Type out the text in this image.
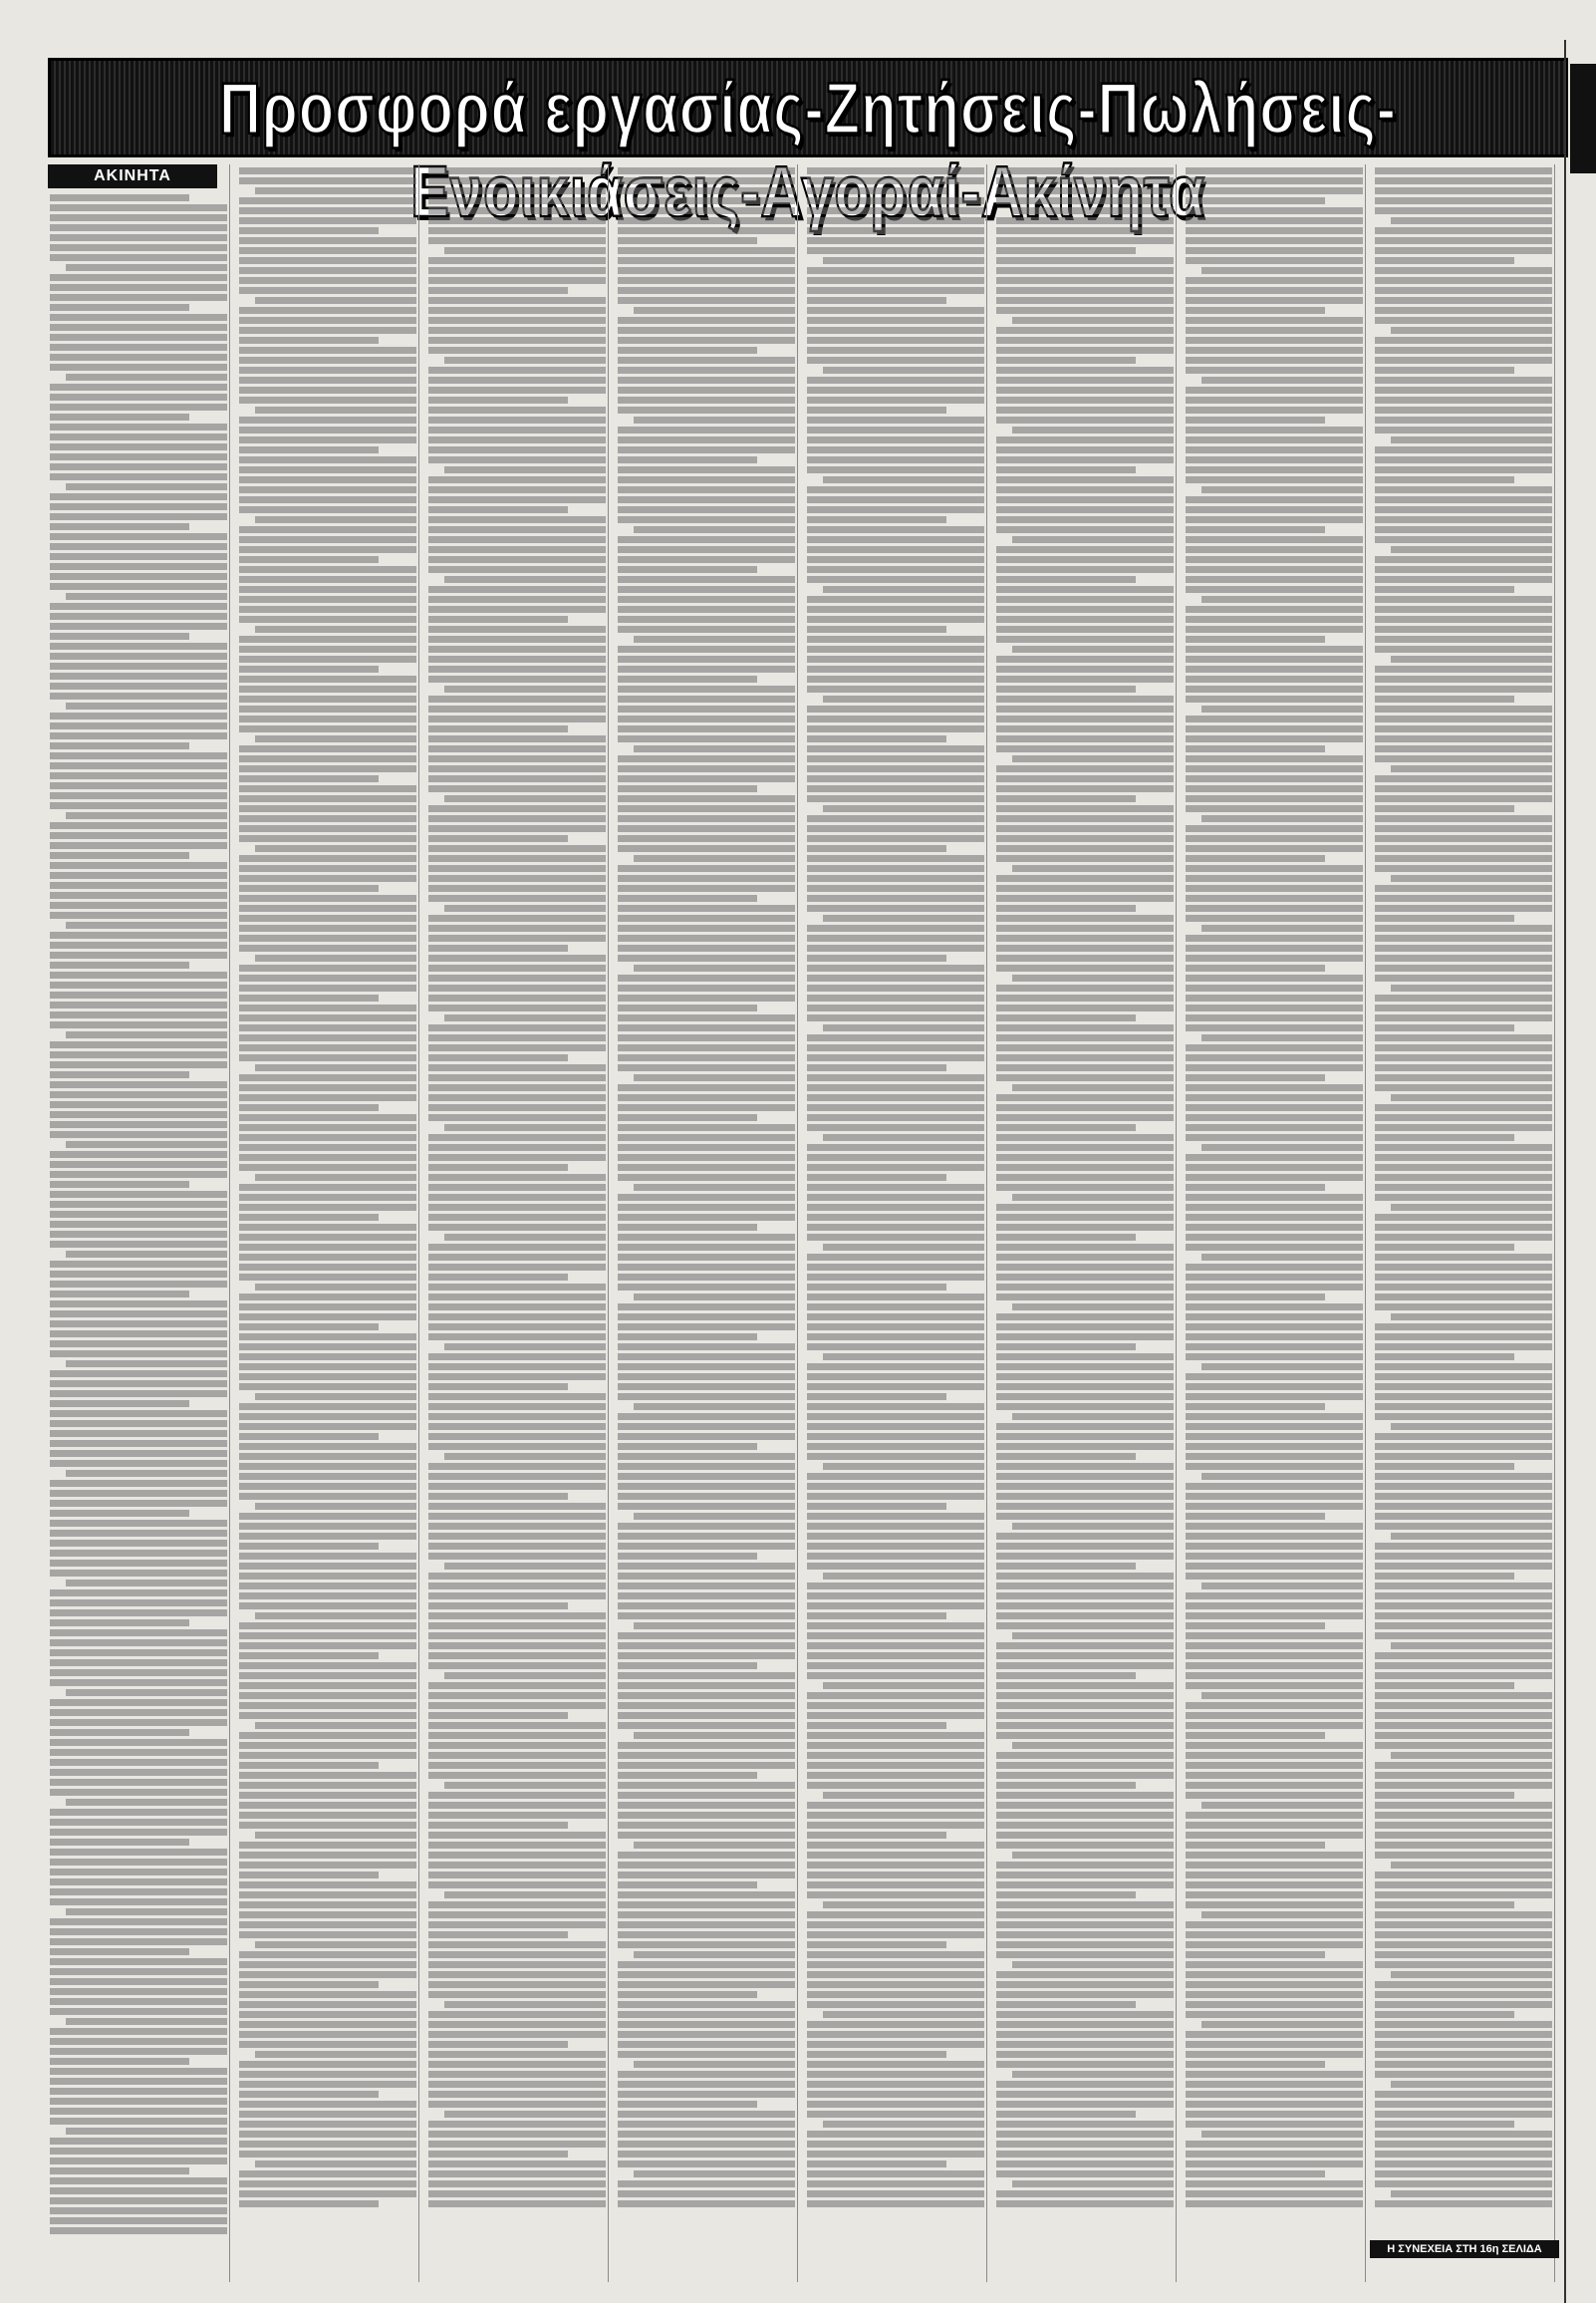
Προσφορά εργασίας-Ζητήσεις-Πωλήσεις- Αγοραί-Ακίνητα
ΑΚΙΝΗΤΑ
Η ΣΥΝΕΧΕΙΑ ΣΤΗ 16η ΣΕΛΙΔΑ
